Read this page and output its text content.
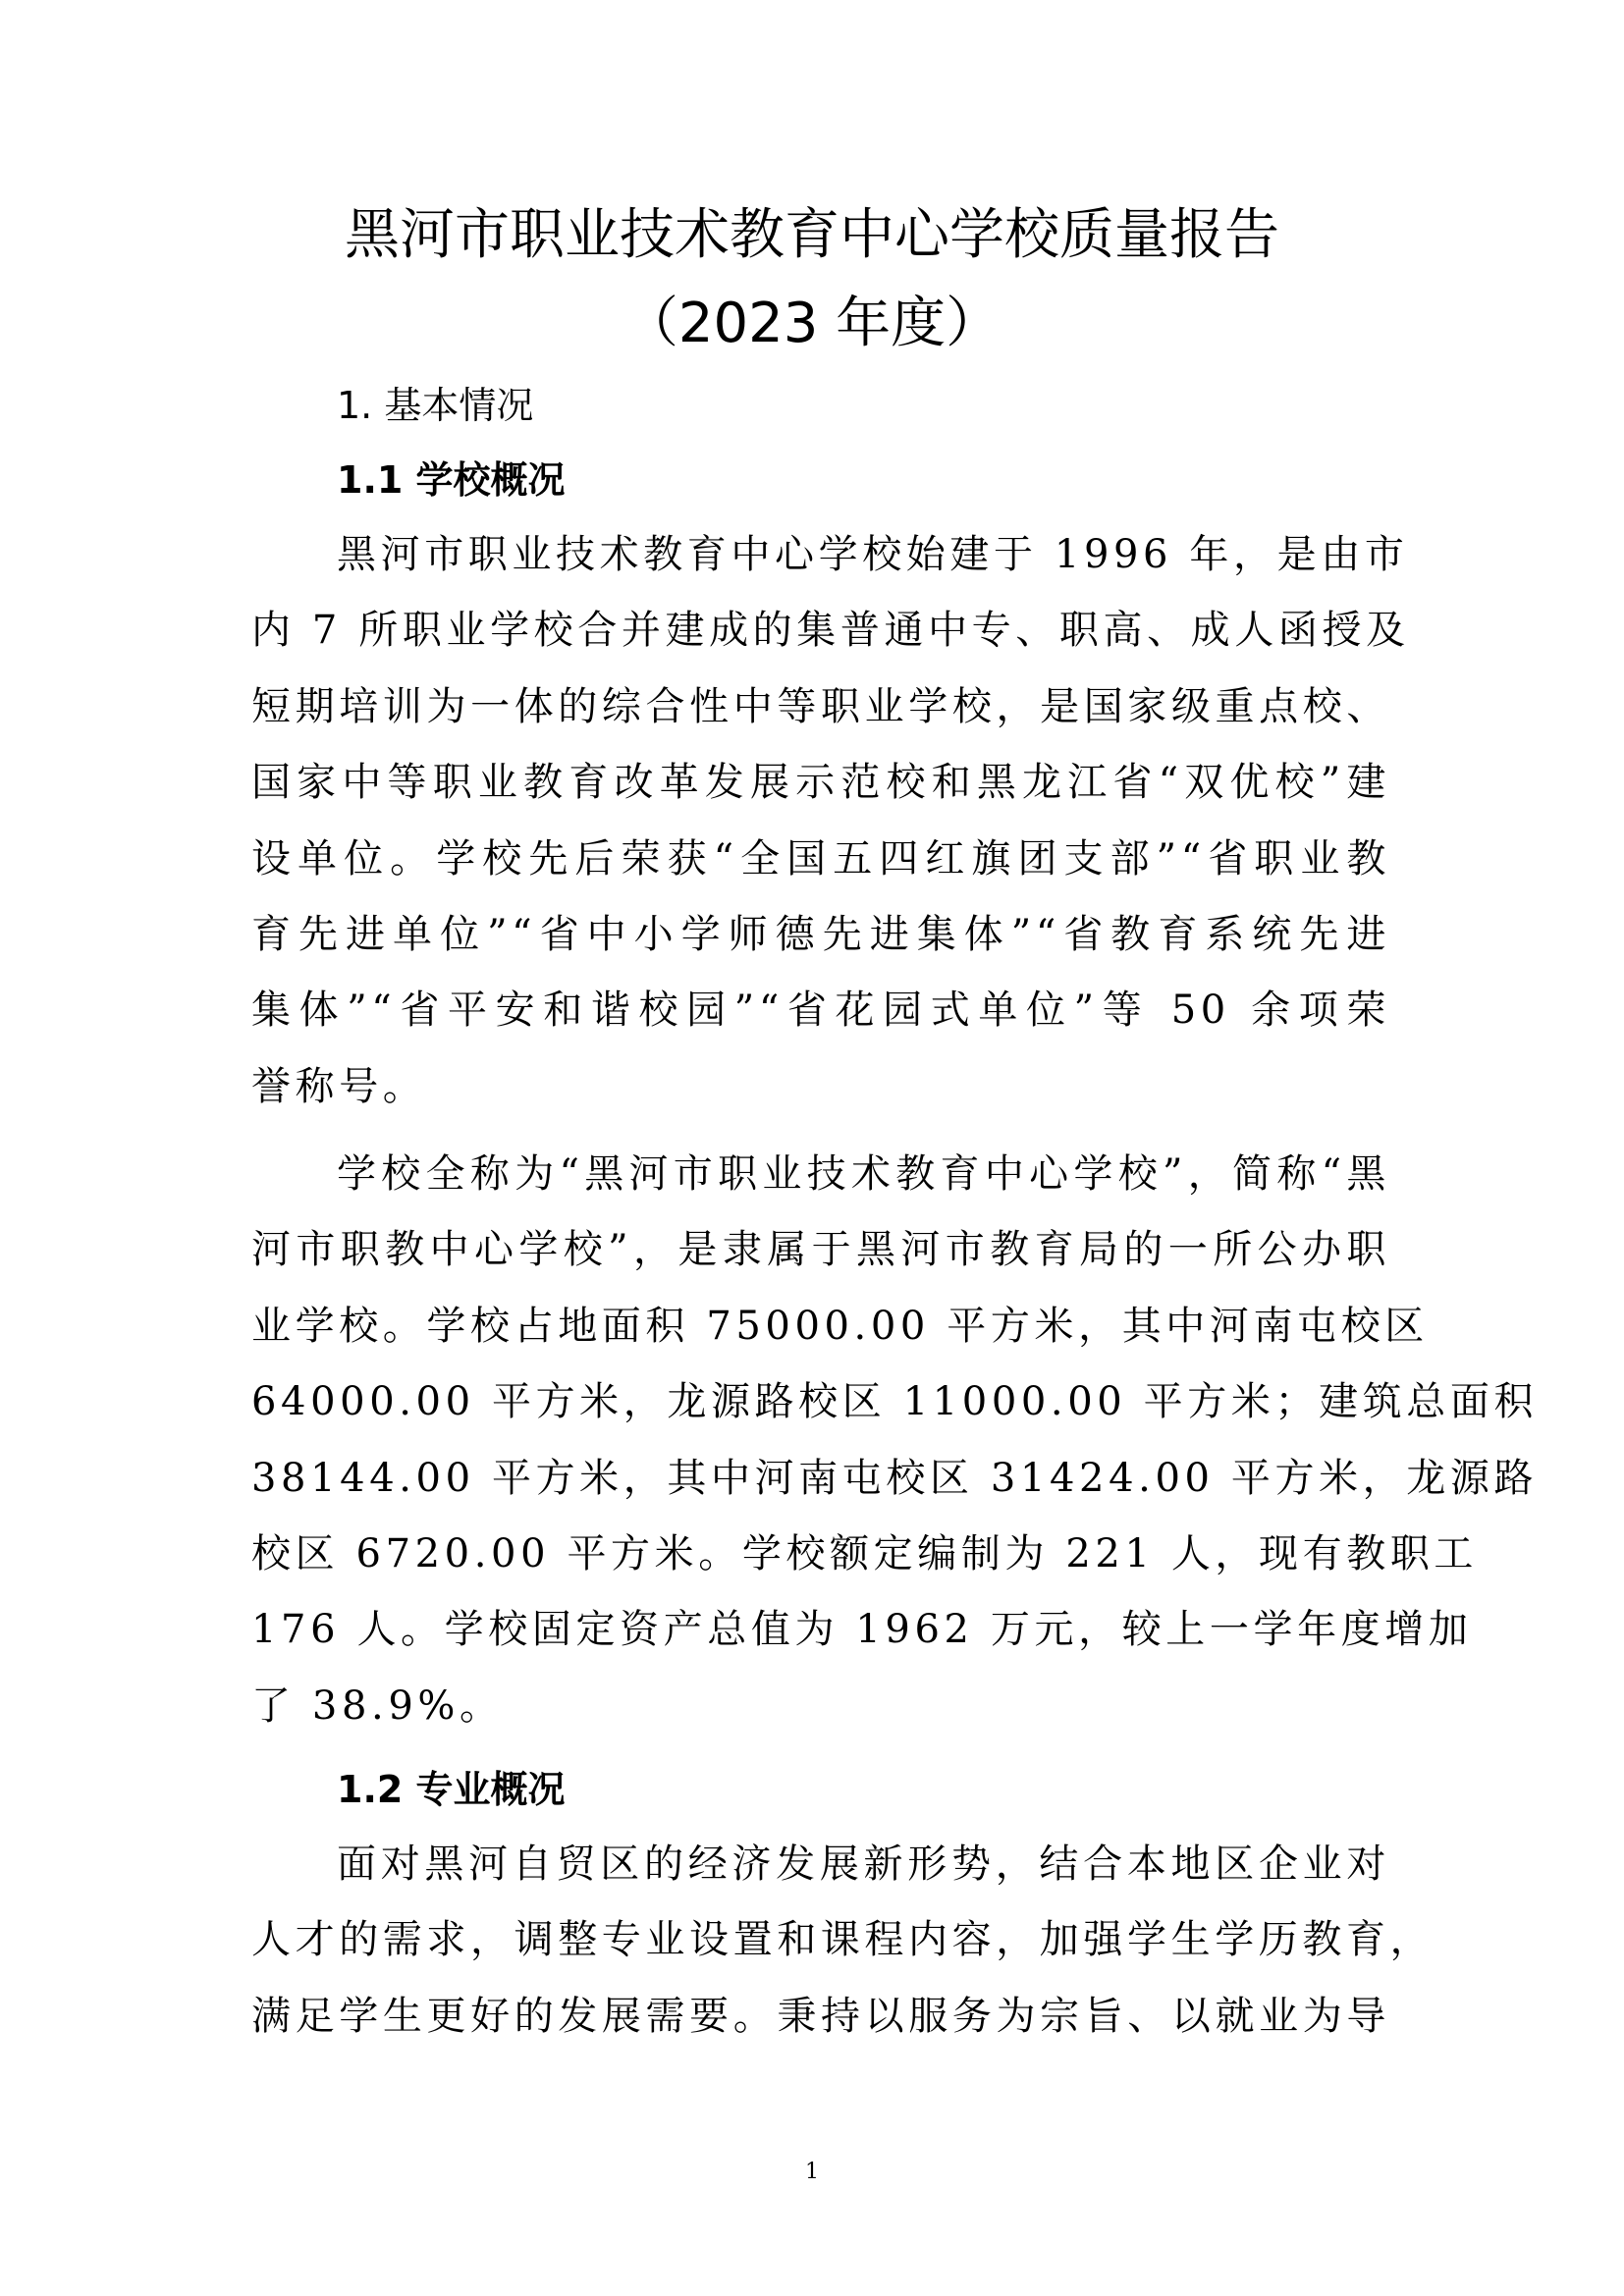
黑河市职业技术教育中心学校质量报告
（2023 年度）
1. 基本情况
1.1 学校概况
黑河市职业技术教育中心学校始建于 1996 年，是由市
内 7 所职业学校合并建成的集普通中专、职高、成人函授及
短期培训为一体的综合性中等职业学校，是国家级重点校、
国家中等职业教育改革发展示范校和黑龙江省“双优校”建
设单位。学校先后荣获“全国五四红旗团支部”“省职业教
育先进单位”“省中小学师德先进集体”“省教育系统先进
集体”“省平安和谐校园”“省花园式单位”等 50 余项荣
誉称号。
学校全称为“黑河市职业技术教育中心学校”，简称“黑
河市职教中心学校”，是隶属于黑河市教育局的一所公办职
业学校。学校占地面积 75000.00 平方米，其中河南屯校区
64000.00 平方米，龙源路校区 11000.00 平方米；建筑总面积
38144.00 平方米，其中河南屯校区 31424.00 平方米，龙源路
校区 6720.00 平方米。学校额定编制为 221 人，现有教职工
176 人。学校固定资产总值为 1962 万元，较上一学年度增加
了 38.9%。
1.2 专业概况
面对黑河自贸区的经济发展新形势，结合本地区企业对
人才的需求，调整专业设置和课程内容，加强学生学历教育，
满足学生更好的发展需要。秉持以服务为宗旨、以就业为导
1
